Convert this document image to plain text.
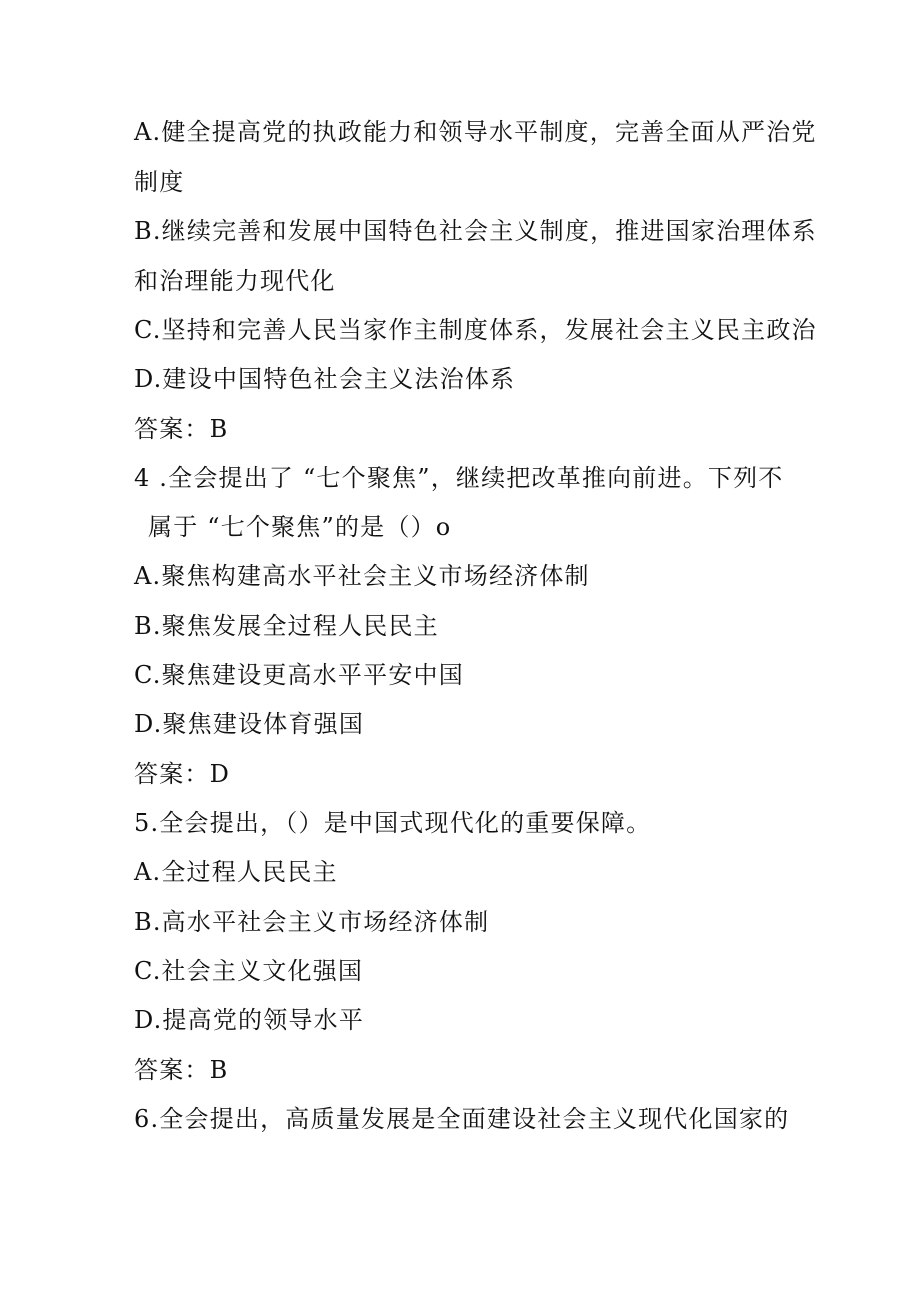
A.健全提高党的执政能力和领导水平制度，完善全面从严治党
制度
B.继续完善和发展中国特色社会主义制度，推进国家治理体系
和治理能力现代化
C.坚持和完善人民当家作主制度体系，发展社会主义民主政治
D.建设中国特色社会主义法治体系
答案：B
4 .全会提出了 “七个聚焦”，继续把改革推向前进。下列不
属于 “七个聚焦”的是（）o
A.聚焦构建高水平社会主义市场经济体制
B.聚焦发展全过程人民民主
C.聚焦建设更高水平平安中国
D.聚焦建设体育强国
答案：D
5.全会提出，（）是中国式现代化的重要保障。
A.全过程人民民主
B.高水平社会主义市场经济体制
C.社会主义文化强国
D.提高党的领导水平
答案：B
6.全会提出，高质量发展是全面建设社会主义现代化国家的
